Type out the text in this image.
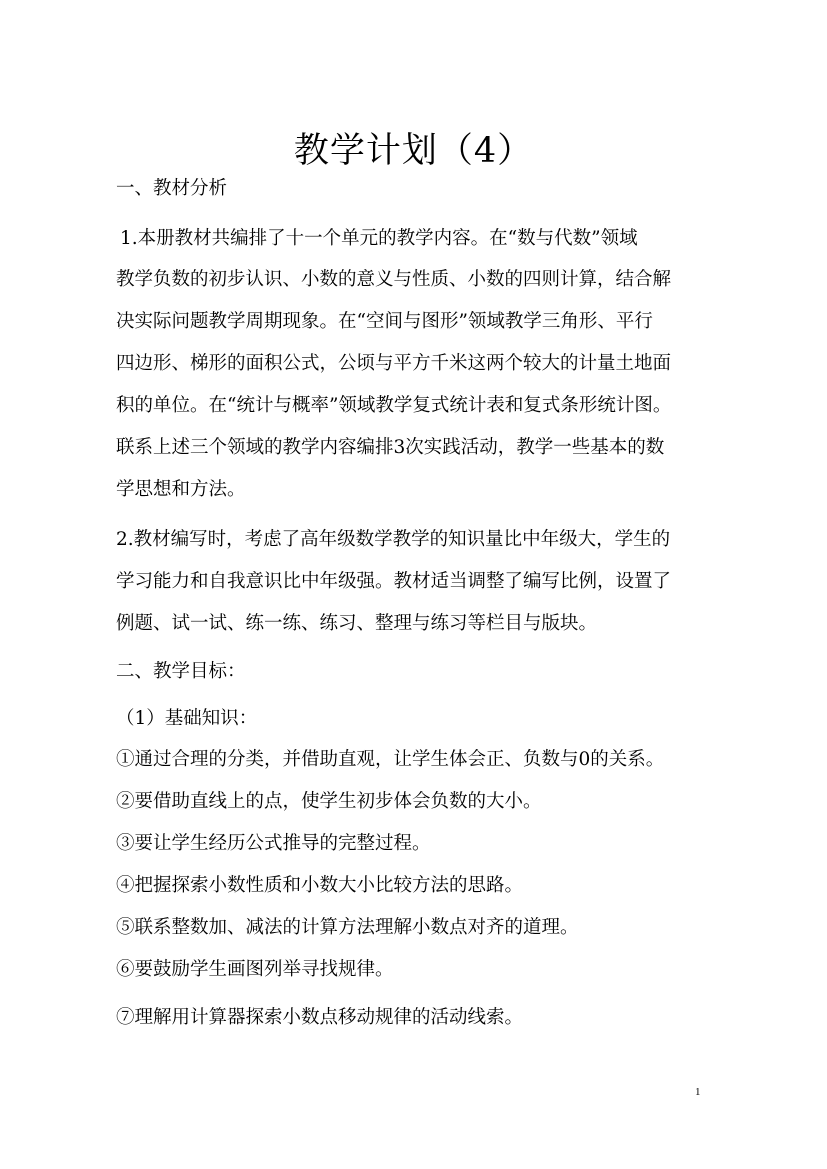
教学计划（4）
一、教材分析
1.本册教材共编排了十一个单元的教学内容。在“数与代数”领域
教学负数的初步认识、小数的意义与性质、小数的四则计算，结合解
决实际问题教学周期现象。在“空间与图形”领域教学三角形、平行
四边形、梯形的面积公式，公顷与平方千米这两个较大的计量土地面
积的单位。在“统计与概率”领域教学复式统计表和复式条形统计图。
联系上述三个领域的教学内容编排3次实践活动，教学一些基本的数
学思想和方法。
2.教材编写时，考虑了高年级数学教学的知识量比中年级大，学生的
学习能力和自我意识比中年级强。教材适当调整了编写比例，设置了
例题、试一试、练一练、练习、整理与练习等栏目与版块。
二、教学目标：
（1）基础知识：
①通过合理的分类，并借助直观，让学生体会正、负数与0的关系。
②要借助直线上的点，使学生初步体会负数的大小。
③要让学生经历公式推导的完整过程。
④把握探索小数性质和小数大小比较方法的思路。
⑤联系整数加、减法的计算方法理解小数点对齐的道理。
⑥要鼓励学生画图列举寻找规律。
⑦理解用计算器探索小数点移动规律的活动线索。
1
